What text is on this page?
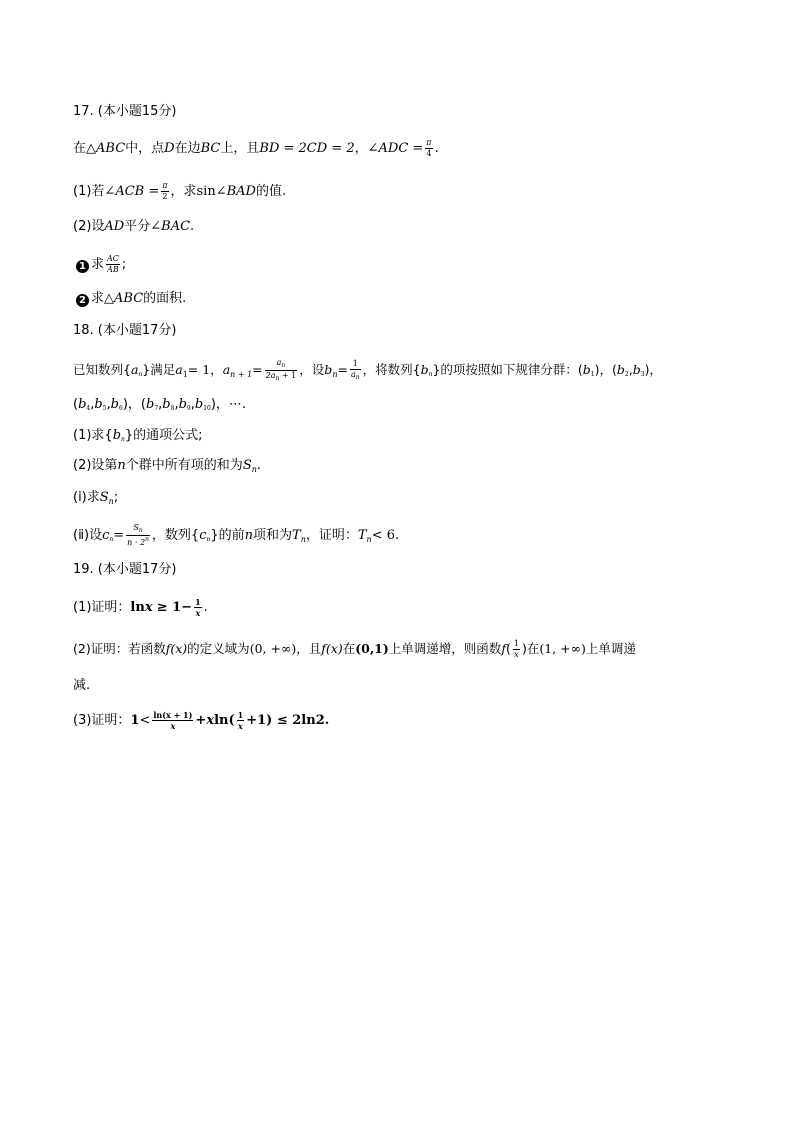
17. (本小题15分)
在△ABC中，点D在边BC上，且BD = 2CD = 2，∠ADC = $\frac{\pi}{4}$ .
(1)若∠ACB = $\frac{\pi}{2}$ ，求sin∠BAD的值.
(2)设AD平分∠BAC.
1 求 $\frac{AC}{AB}$ ;
2 求△ABC的面积.
18. (本小题17分)
已知数列{an}满足$a_1= 1$，$a_{n + 1}= \frac{a_n}{2a_n + 1}$ ，设$b_n= \frac{1}{a_n}$ ，将数列{bn}的项按照如下规律分群：(b1)，(b2,b3)，
(b4,b5,b6)，(b7,b8,b9,b10)，⋯.
(1)求{bn}的通项公式;
(2)设第n个群中所有项的和为$S_n$.
(ⅰ)求$S_n$;
(ⅱ)设$cn= \frac{S_n}{n \cdot 2^n}$ ，数列{cn}的前n项和为$T_n$，证明：$T_n< 6$.
19. (本小题17分)
(1)证明：$\ln x \ge 1- \frac{1}{x}$ .
(2)证明：若函数f(x)的定义域为(0, +∞)，且f(x)在(0,1)上单调递增，则函数$f( \frac{1}{x}$ )在(1, +∞)上单调递
减.
(3)证明：$1< \frac{\ln(x + 1)}{x} +xln( \frac{1}{x} +1) \le 2\ln 2$.
